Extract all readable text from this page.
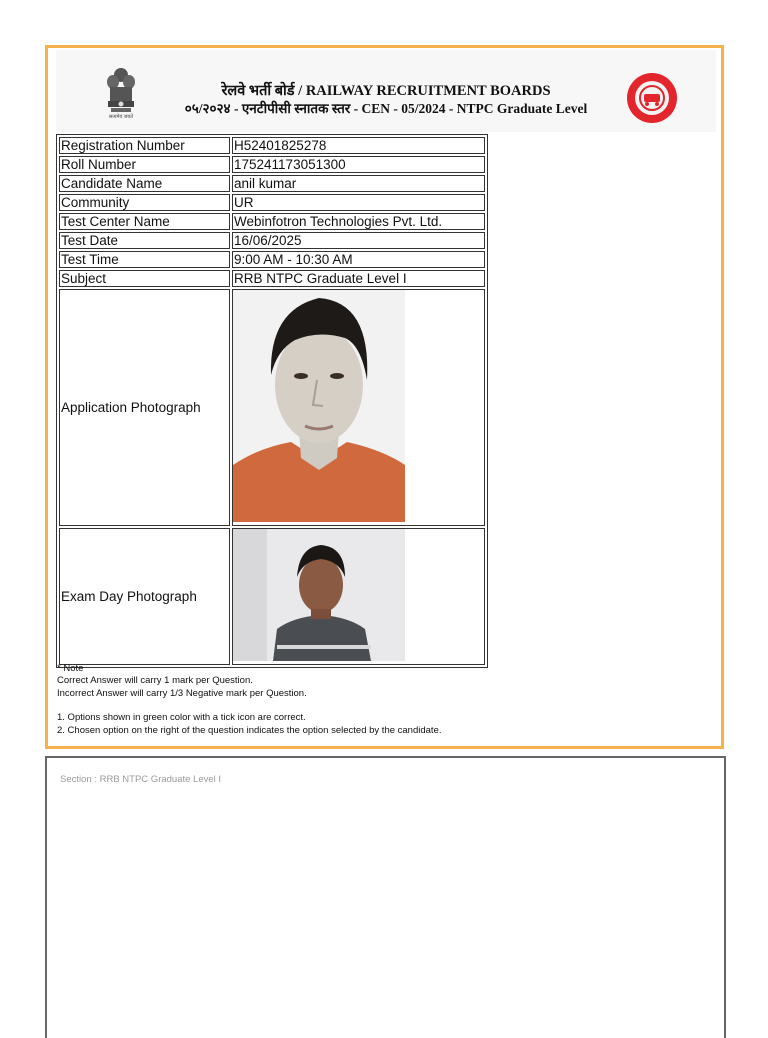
सत्यमेव जयते
रेलवे भर्ती बोर्ड / RAILWAY RECRUITMENT BOARDS
०५/२०२४ - एनटीपीसी स्नातक स्तर - CEN - 05/2024 - NTPC Graduate Level
Registration Number	H52401825278
Roll Number	175241173051300
Candidate Name	anil kumar
Community	UR
Test Center Name	Webinfotron Technologies Pvt. Ltd.
Test Date	16/06/2025
Test Time	9:00 AM - 10:30 AM
Subject	RRB NTPC Graduate Level I
Application Photograph	
Exam Day Photograph	

* Note

Correct Answer will carry 1 mark per Question.

Incorrect Answer will carry 1/3 Negative mark per Question.

1. Options shown in green color with a tick icon are correct.

2. Chosen option on the right of the question indicates the option selected by the candidate.

Section : RRB NTPC Graduate Level I
